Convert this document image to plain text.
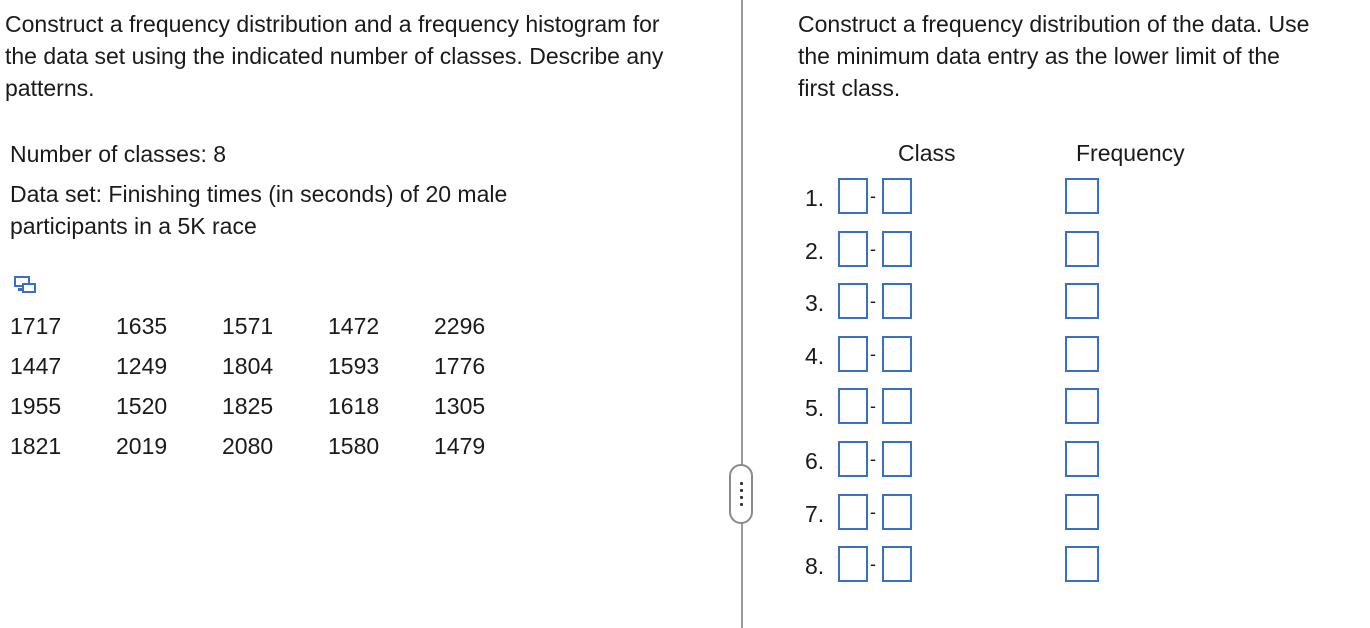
Construct a frequency distribution and a frequency histogram for the data set using the indicated number of classes. Describe any patterns.

Number of classes: 8

Data set: Finishing times (in seconds) of 20 male participants in a 5K race

1717	1635	1571	1472	2296
1447	1249	1804	1593	1776
1955	1520	1825	1618	1305
1821	2019	2080	1580	1479

Construct a frequency distribution of the data. Use
the minimum data entry as the lower limit of the
first class.

Class	Frequency
1.	-
2.	-
3.	-
4.	-
5.	-
6.	-
7.	-
8.	-
